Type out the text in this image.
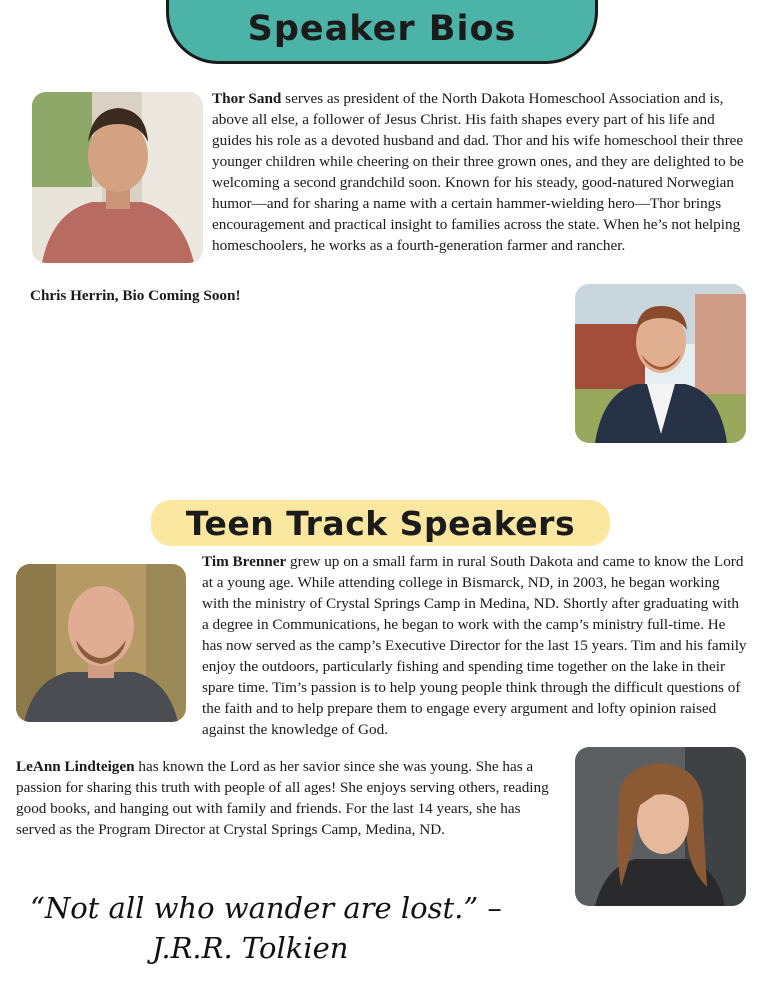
Speaker Bios

Thor Sand serves as president of the North Dakota Homeschool Association and is, above all else, a follower of Jesus Christ. His faith shapes every part of his life and guides his role as a devoted husband and dad. Thor and his wife homeschool their three younger children while cheering on their three grown ones, and they are delighted to be welcoming a second grandchild soon. Known for his steady, good-natured Norwegian humor—and for sharing a name with a certain hammer-wielding hero—Thor brings encouragement and practical insight to families across the state. When he’s not helping homeschoolers, he works as a fourth-generation farmer and rancher.

Chris Herrin, Bio Coming Soon!

Teen Track Speakers

Tim Brenner grew up on a small farm in rural South Dakota and came to know the Lord at a young age. While attending college in Bismarck, ND, in 2003, he began working with the ministry of Crystal Springs Camp in Medina, ND. Shortly after graduating with a degree in Communications, he began to work with the camp’s ministry full-time. He has now served as the camp’s Executive Director for the last 15 years. Tim and his family enjoy the outdoors, particularly fishing and spending time together on the lake in their spare time. Tim’s passion is to help young people think through the difficult questions of the faith and to help prepare them to engage every argument and lofty opinion raised against the knowledge of God.

LeAnn Lindteigen has known the Lord as her savior since she was young. She has a passion for sharing this truth with people of all ages! She enjoys serving others, reading good books, and hanging out with family and friends. For the last 14 years, she has served as the Program Director at Crystal Springs Camp, Medina, ND.

“Not all who wander are lost.” –
J.R.R. Tolkien
